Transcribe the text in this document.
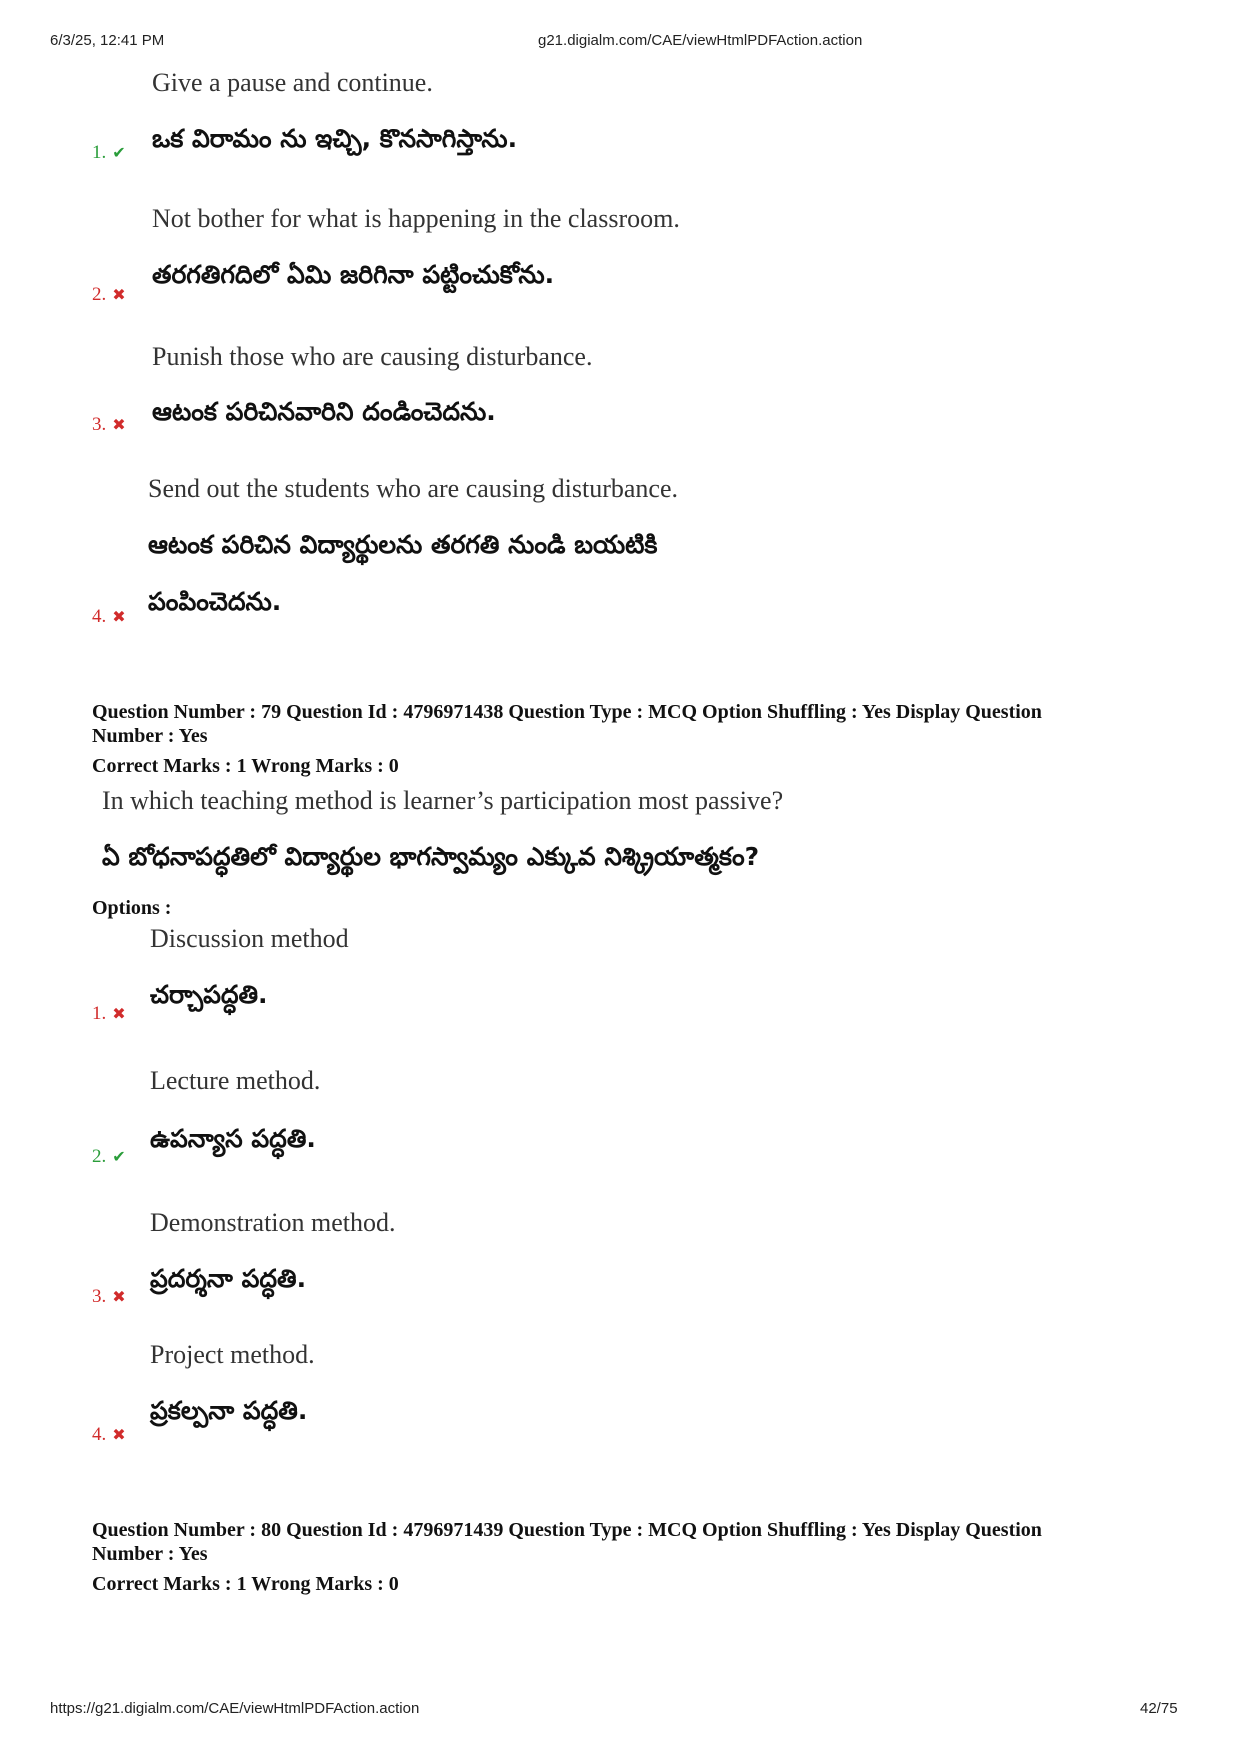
6/3/25, 12:41 PM	g21.digialm.com/CAE/viewHtmlPDFAction.action
Give a pause and continue.
ఒక విరామం ను ఇచ్చి, కొనసాగిస్తాను.
1. ✔
Not bother for what is happening in the classroom.
తరగతిగదిలో ఏమి జరిగినా పట్టించుకోను.
2. ✖
Punish those who are causing disturbance.
ఆటంక పరిచినవారిని దండించెదను.
3. ✖
Send out the students who are causing disturbance.
ఆటంక పరిచిన విద్యార్థులను తరగతి నుండి బయటికి
పంపించెదను.
4. ✖
Question Number : 79 Question Id : 4796971438 Question Type : MCQ Option Shuffling : Yes Display Question
Number : Yes
Correct Marks : 1 Wrong Marks : 0
In which teaching method is learner’s participation most passive?
ఏ బోధనాపద్ధతిలో విద్యార్థుల భాగస్వామ్యం ఎక్కువ నిశ్క్రియాత్మకం?
Options :
Discussion method
చర్చాపద్ధతి.
1. ✖
Lecture method.
ఉపన్యాస పద్ధతి.
2. ✔
Demonstration method.
ప్రదర్శనా పద్ధతి.
3. ✖
Project method.
ప్రకల్పనా పద్ధతి.
4. ✖
Question Number : 80 Question Id : 4796971439 Question Type : MCQ Option Shuffling : Yes Display Question
Number : Yes
Correct Marks : 1 Wrong Marks : 0
https://g21.digialm.com/CAE/viewHtmlPDFAction.action	42/75
